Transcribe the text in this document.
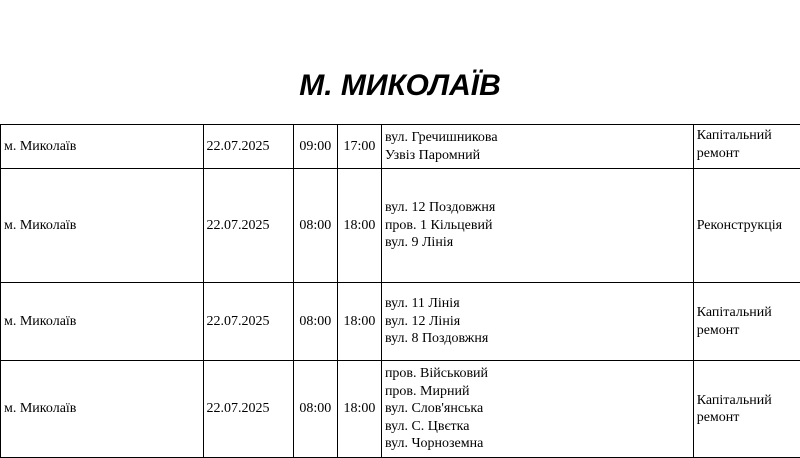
М. МИКОЛАЇВ
м. Миколаїв	22.07.2025	09:00	17:00	вул. Гречишникова
Узвіз Паромний	Капітальний ремонт
м. Миколаїв	22.07.2025	08:00	18:00	вул. 12 Поздовжня
пров. 1 Кільцевий
вул. 9 Лінія	Реконструкція
м. Миколаїв	22.07.2025	08:00	18:00	вул. 11 Лінія
вул. 12 Лінія
вул. 8 Поздовжня	Капітальний ремонт
м. Миколаїв	22.07.2025	08:00	18:00	пров. Військовий
пров. Мирний
вул. Слов'янська
вул. С. Цвєтка
вул. Чорноземна	Капітальний ремонт
